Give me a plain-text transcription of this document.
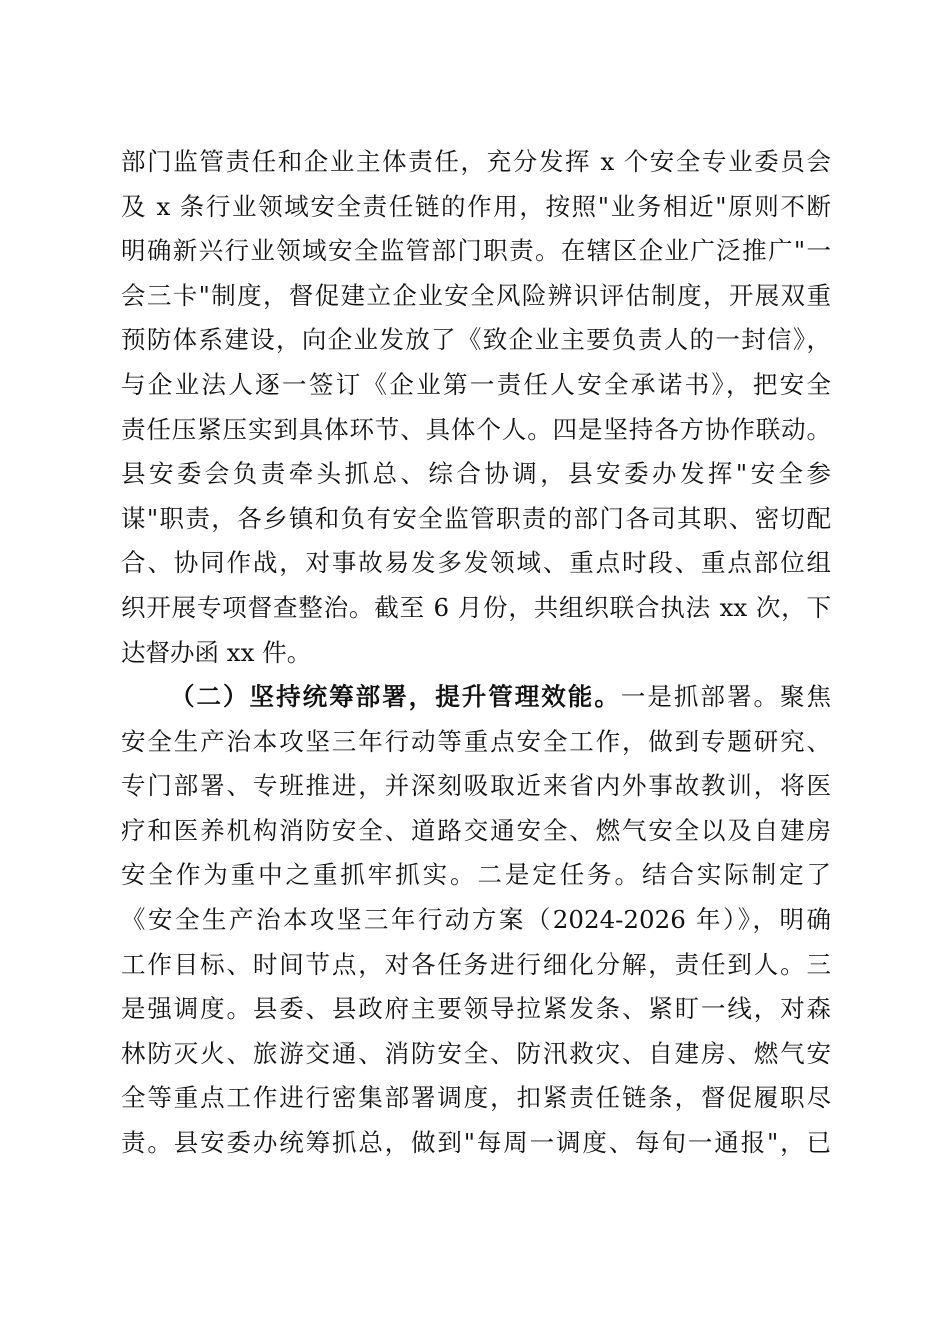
部门监管责任和企业主体责任，充分发挥 x 个安全专业委员会
及 x 条行业领域安全责任链的作用，按照"业务相近"原则不断
明确新兴行业领域安全监管部门职责。在辖区企业广泛推广"一
会三卡"制度，督促建立企业安全风险辨识评估制度，开展双重
预防体系建设，向企业发放了《致企业主要负责人的一封信》，
与企业法人逐一签订《企业第一责任人安全承诺书》，把安全
责任压紧压实到具体环节、具体个人。四是坚持各方协作联动。
县安委会负责牵头抓总、综合协调，县安委办发挥"安全参
谋"职责，各乡镇和负有安全监管职责的部门各司其职、密切配
合、协同作战，对事故易发多发领域、重点时段、重点部位组
织开展专项督查整治。截至 6 月份，共组织联合执法 xx 次，下
达督办函 xx 件。
（二）坚持统筹部署，提升管理效能。一是抓部署。聚焦
安全生产治本攻坚三年行动等重点安全工作，做到专题研究、
专门部署、专班推进，并深刻吸取近来省内外事故教训，将医
疗和医养机构消防安全、道路交通安全、燃气安全以及自建房
安全作为重中之重抓牢抓实。二是定任务。结合实际制定了
《安全生产治本攻坚三年行动方案（2024-2026 年）》，明确
工作目标、时间节点，对各任务进行细化分解，责任到人。三
是强调度。县委、县政府主要领导拉紧发条、紧盯一线，对森
林防灭火、旅游交通、消防安全、防汛救灾、自建房、燃气安
全等重点工作进行密集部署调度，扣紧责任链条，督促履职尽
责。县安委办统筹抓总，做到"每周一调度、每旬一通报"，已
